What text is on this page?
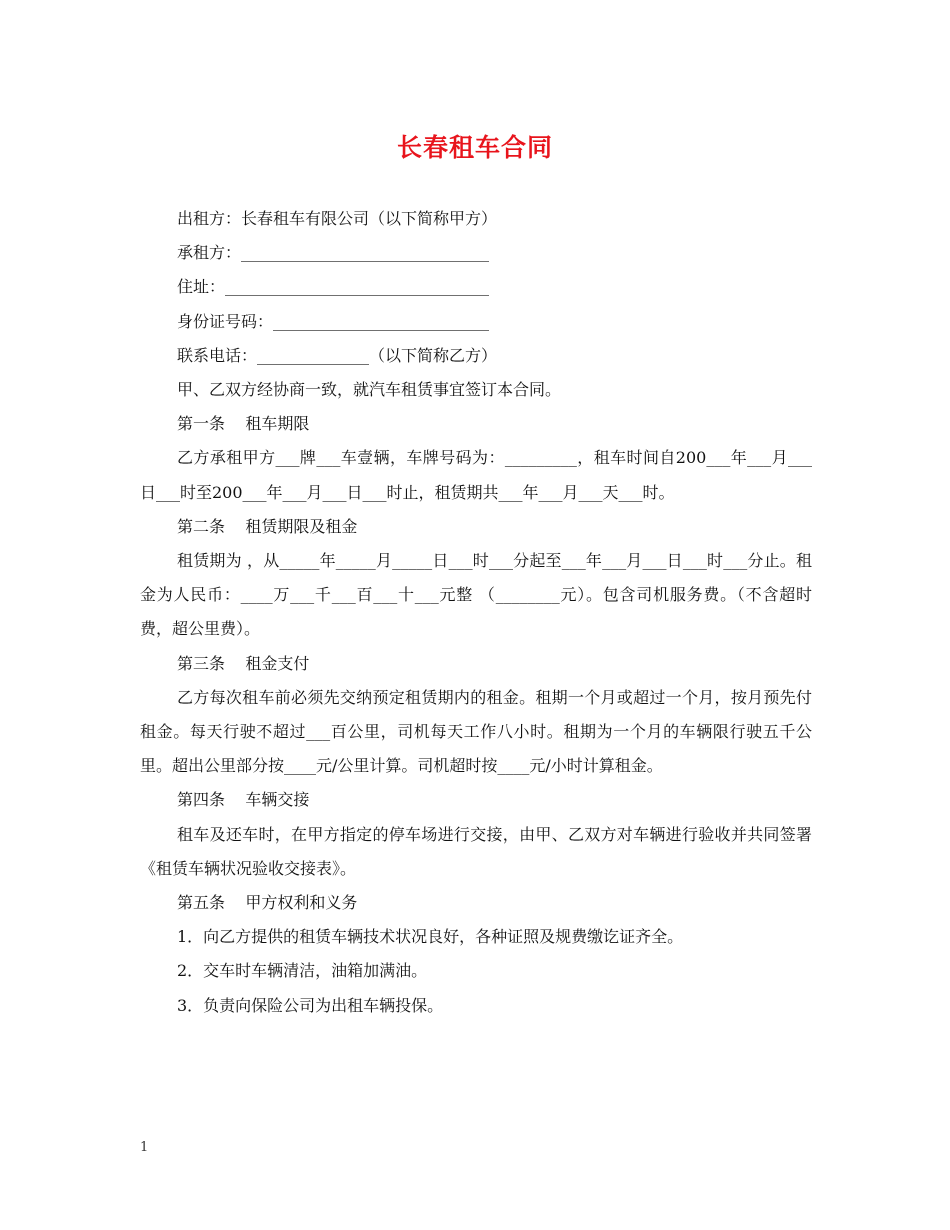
长春租车合同

出租方：长春租车有限公司（以下简称甲方）

承租方：_______________________________

住址：_________________________________

身份证号码：___________________________

联系电话：______________（以下简称乙方）

甲、乙双方经协商一致，就汽车租赁事宜签订本合同。

第一条    租车期限

乙方承租甲方___牌___车壹辆，车牌号码为：_________，租车时间自200___年___月___日___时至200___年___月___日___时止，租赁期共___年___月___天___时。

第二条    租赁期限及租金

租赁期为 ，从_____年_____月_____日___时___分起至___年___月___日___时___分止。租金为人民币：____万___千___百___十___元整 （________元）。包含司机服务费。（不含超时费，超公里费）。

第三条    租金支付

乙方每次租车前必须先交纳预定租赁期内的租金。租期一个月或超过一个月，按月预先付租金。每天行驶不超过___百公里，司机每天工作八小时。租期为一个月的车辆限行驶五千公里。超出公里部分按____元/公里计算。司机超时按____元/小时计算租金。

第四条    车辆交接

租车及还车时，在甲方指定的停车场进行交接，由甲、乙双方对车辆进行验收并共同签署《租赁车辆状况验收交接表》。

第五条    甲方权利和义务

1．向乙方提供的租赁车辆技术状况良好，各种证照及规费缴讫证齐全。

2．交车时车辆清洁，油箱加满油。

3．负责向保险公司为出租车辆投保。

1
